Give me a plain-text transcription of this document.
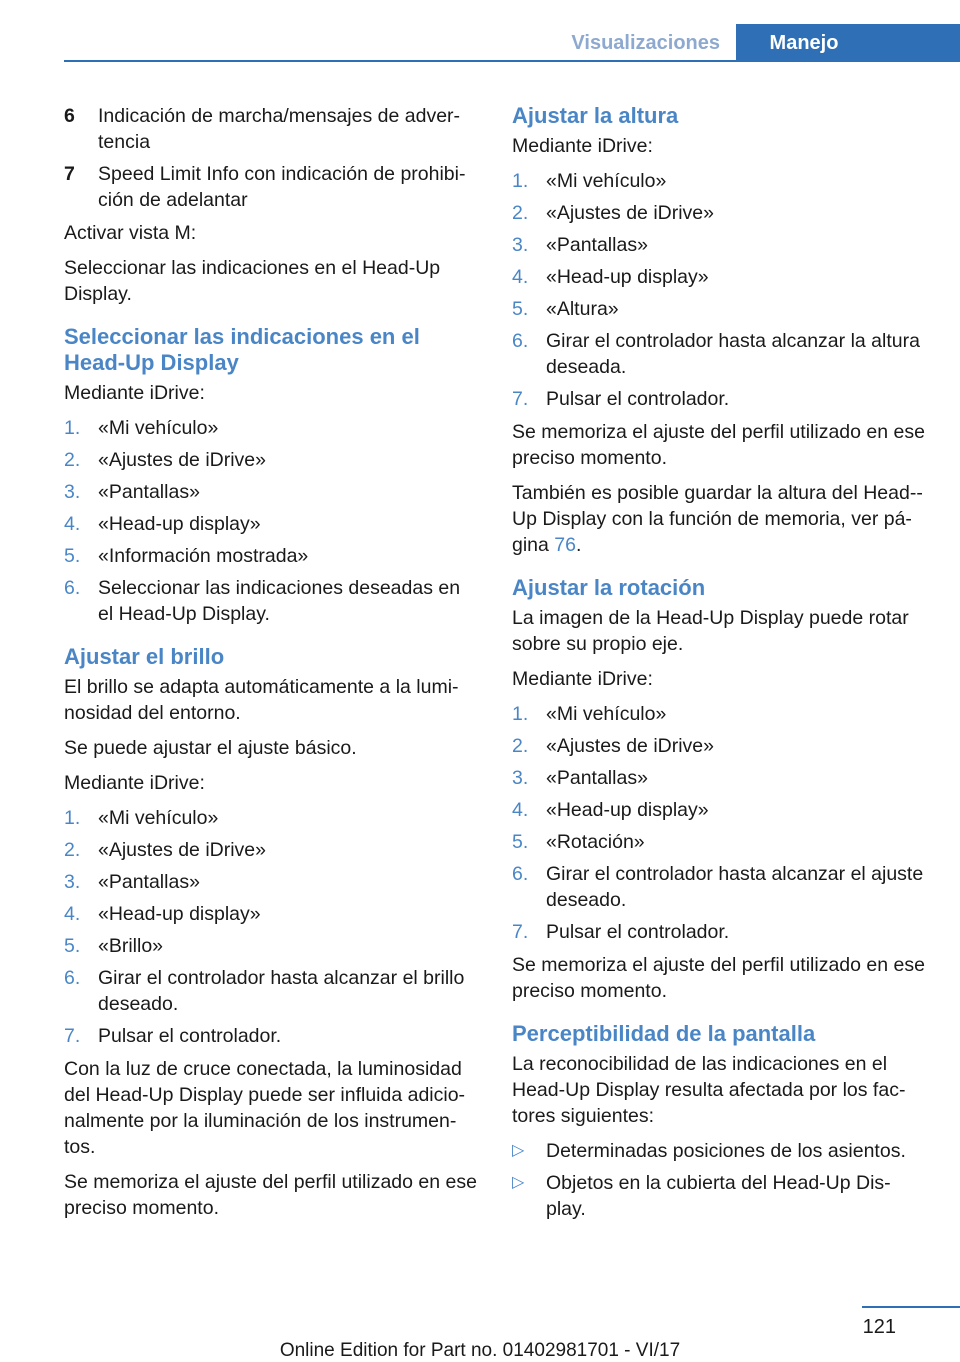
Visualizaciones	Manejo
6	Indicación de marcha/mensajes de adver‐tencia
7	Speed Limit Info con indicación de prohibi‐ción de adelantar

Activar vista M:

Seleccionar las indicaciones en el Head-Up Display.

Seleccionar las indicaciones en el Head-Up Display

Mediante iDrive:

1. «Mi vehículo»
2. «Ajustes de iDrive»
3. «Pantallas»
4. «Head-up display»
5. «Información mostrada»
6. Seleccionar las indicaciones deseadas en el Head-Up Display.
Ajustar el brillo

El brillo se adapta automáticamente a la lumi‐nosidad del entorno.

Se puede ajustar el ajuste básico.

Mediante iDrive:

1. «Mi vehículo»
2. «Ajustes de iDrive»
3. «Pantallas»
4. «Head-up display»
5. «Brillo»
6. Girar el controlador hasta alcanzar el brillo deseado.
7. Pulsar el controlador.

Con la luz de cruce conectada, la luminosidad del Head-Up Display puede ser influida adicio‐nalmente por la iluminación de los instrumen‐tos.

Se memoriza el ajuste del perfil utilizado en ese preciso momento.

Ajustar la altura

Mediante iDrive:

1. «Mi vehículo»
2. «Ajustes de iDrive»
3. «Pantallas»
4. «Head-up display»
5. «Altura»
6. Girar el controlador hasta alcanzar la altura deseada.
7. Pulsar el controlador.

Se memoriza el ajuste del perfil utilizado en ese preciso momento.

También es posible guardar la altura del Head-‐Up Display con la función de memoria, ver pá‐gina 76.

Ajustar la rotación

La imagen de la Head-Up Display puede rotar sobre su propio eje.

Mediante iDrive:

1. «Mi vehículo»
2. «Ajustes de iDrive»
3. «Pantallas»
4. «Head-up display»
5. «Rotación»
6. Girar el controlador hasta alcanzar el ajuste deseado.
7. Pulsar el controlador.

Se memoriza el ajuste del perfil utilizado en ese preciso momento.

Perceptibilidad de la pantalla

La reconocibilidad de las indicaciones en el Head-Up Display resulta afectada por los fac‐tores siguientes:

▷	Determinadas posiciones de los asientos.
▷	Objetos en la cubierta del Head-Up Dis‐play.
121
Online Edition for Part no. 01402981701 - VI/17
